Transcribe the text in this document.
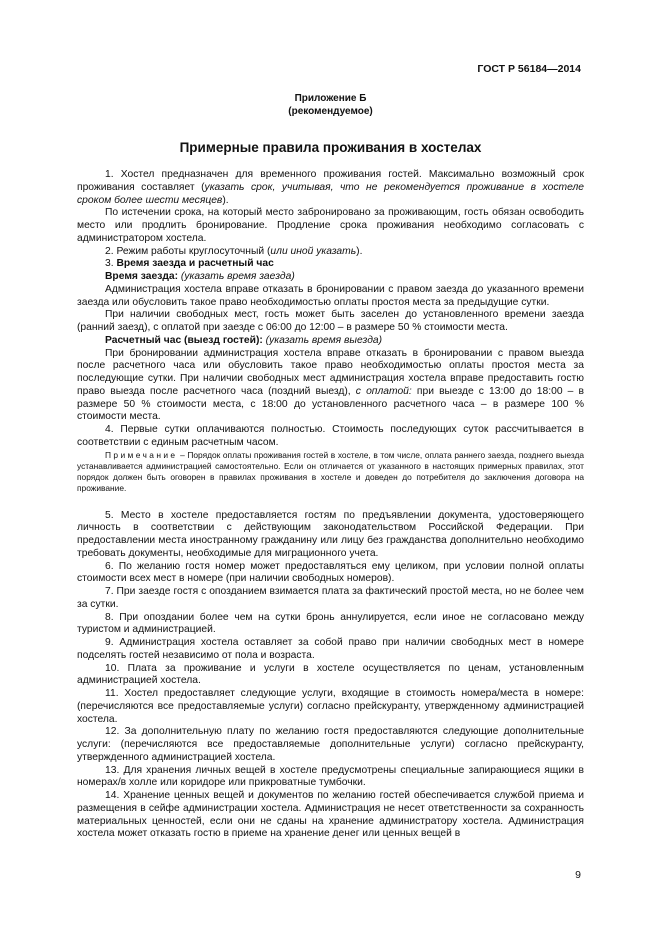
ГОСТ Р 56184—2014
Приложение Б
(рекомендуемое)
Примерные правила проживания в хостелах

1. Хостел предназначен для временного проживания гостей. Максимально возможный срок проживания составляет (указать срок, учитывая, что не рекомендуется проживание в хостеле сроком более шести месяцев).

По истечении срока, на который место забронировано за проживающим, гость обязан освободить место или продлить бронирование. Продление срока проживания необходимо согласовать с администратором хостела.

2. Режим работы круглосуточный (или иной указать).

3. Время заезда и расчетный час

Время заезда: (указать время заезда)

Администрация хостела вправе отказать в бронировании с правом заезда до указанного времени заезда или обусловить такое право необходимостью оплаты простоя места за предыдущие сутки.

При наличии свободных мест, гость может быть заселен до установленного времени заезда (ранний заезд), с оплатой при заезде с 06:00 до 12:00 – в размере 50 % стоимости места.

Расчетный час (выезд гостей): (указать время выезда)

При бронировании администрация хостела вправе отказать в бронировании с правом выезда после расчетного часа или обусловить такое право необходимостью оплаты простоя места за последующие сутки. При наличии свободных мест администрация хостела вправе предоставить гостю право выезда после расчетного часа (поздний выезд), с оплатой: при выезде с 13:00 до 18:00 – в размере 50 % стоимости места, с 18:00 до установленного расчетного часа – в размере 100 % стоимости места.

4. Первые сутки оплачиваются полностью. Стоимость последующих суток рассчитывается в соответствии с единым расчетным часом.

Примечание – Порядок оплаты проживания гостей в хостеле, в том числе, оплата раннего заезда, позднего выезда устанавливается администрацией самостоятельно. Если он отличается от указанного в настоящих примерных правилах, этот порядок должен быть оговорен в правилах проживания в хостеле и доведен до потребителя до заключения договора на проживание.

5. Место в хостеле предоставляется гостям по предъявлении документа, удостоверяющего личность в соответствии с действующим законодательством Российской Федерации. При предоставлении места иностранному гражданину или лицу без гражданства дополнительно необходимо требовать документы, необходимые для миграционного учета.

6. По желанию гостя номер может предоставляться ему целиком, при условии полной оплаты стоимости всех мест в номере (при наличии свободных номеров).

7. При заезде гостя с опозданием взимается плата за фактический простой места, но не более чем за сутки.

8. При опоздании более чем на сутки бронь аннулируется, если иное не согласовано между туристом и администрацией.

9. Администрация хостела оставляет за собой право при наличии свободных мест в номере подселять гостей независимо от пола и возраста.

10. Плата за проживание и услуги в хостеле осуществляется по ценам, установленным администрацией хостела.

11. Хостел предоставляет следующие услуги, входящие в стоимость номера/места в номере: (перечисляются все предоставляемые услуги) согласно прейскуранту, утвержденному администрацией хостела.

12. За дополнительную плату по желанию гостя предоставляются следующие дополнительные услуги: (перечисляются все предоставляемые дополнительные услуги) согласно прейскуранту, утвержденного администрацией хостела.

13. Для хранения личных вещей в хостеле предусмотрены специальные запирающиеся ящики в номерах/в холле или коридоре или прикроватные тумбочки.

14. Хранение ценных вещей и документов по желанию гостей обеспечивается службой приема и размещения в сейфе администрации хостела. Администрация не несет ответственности за сохранность материальных ценностей, если они не сданы на хранение администратору хостела. Администрация хостела может отказать гостю в приеме на хранение денег или ценных вещей в

9
